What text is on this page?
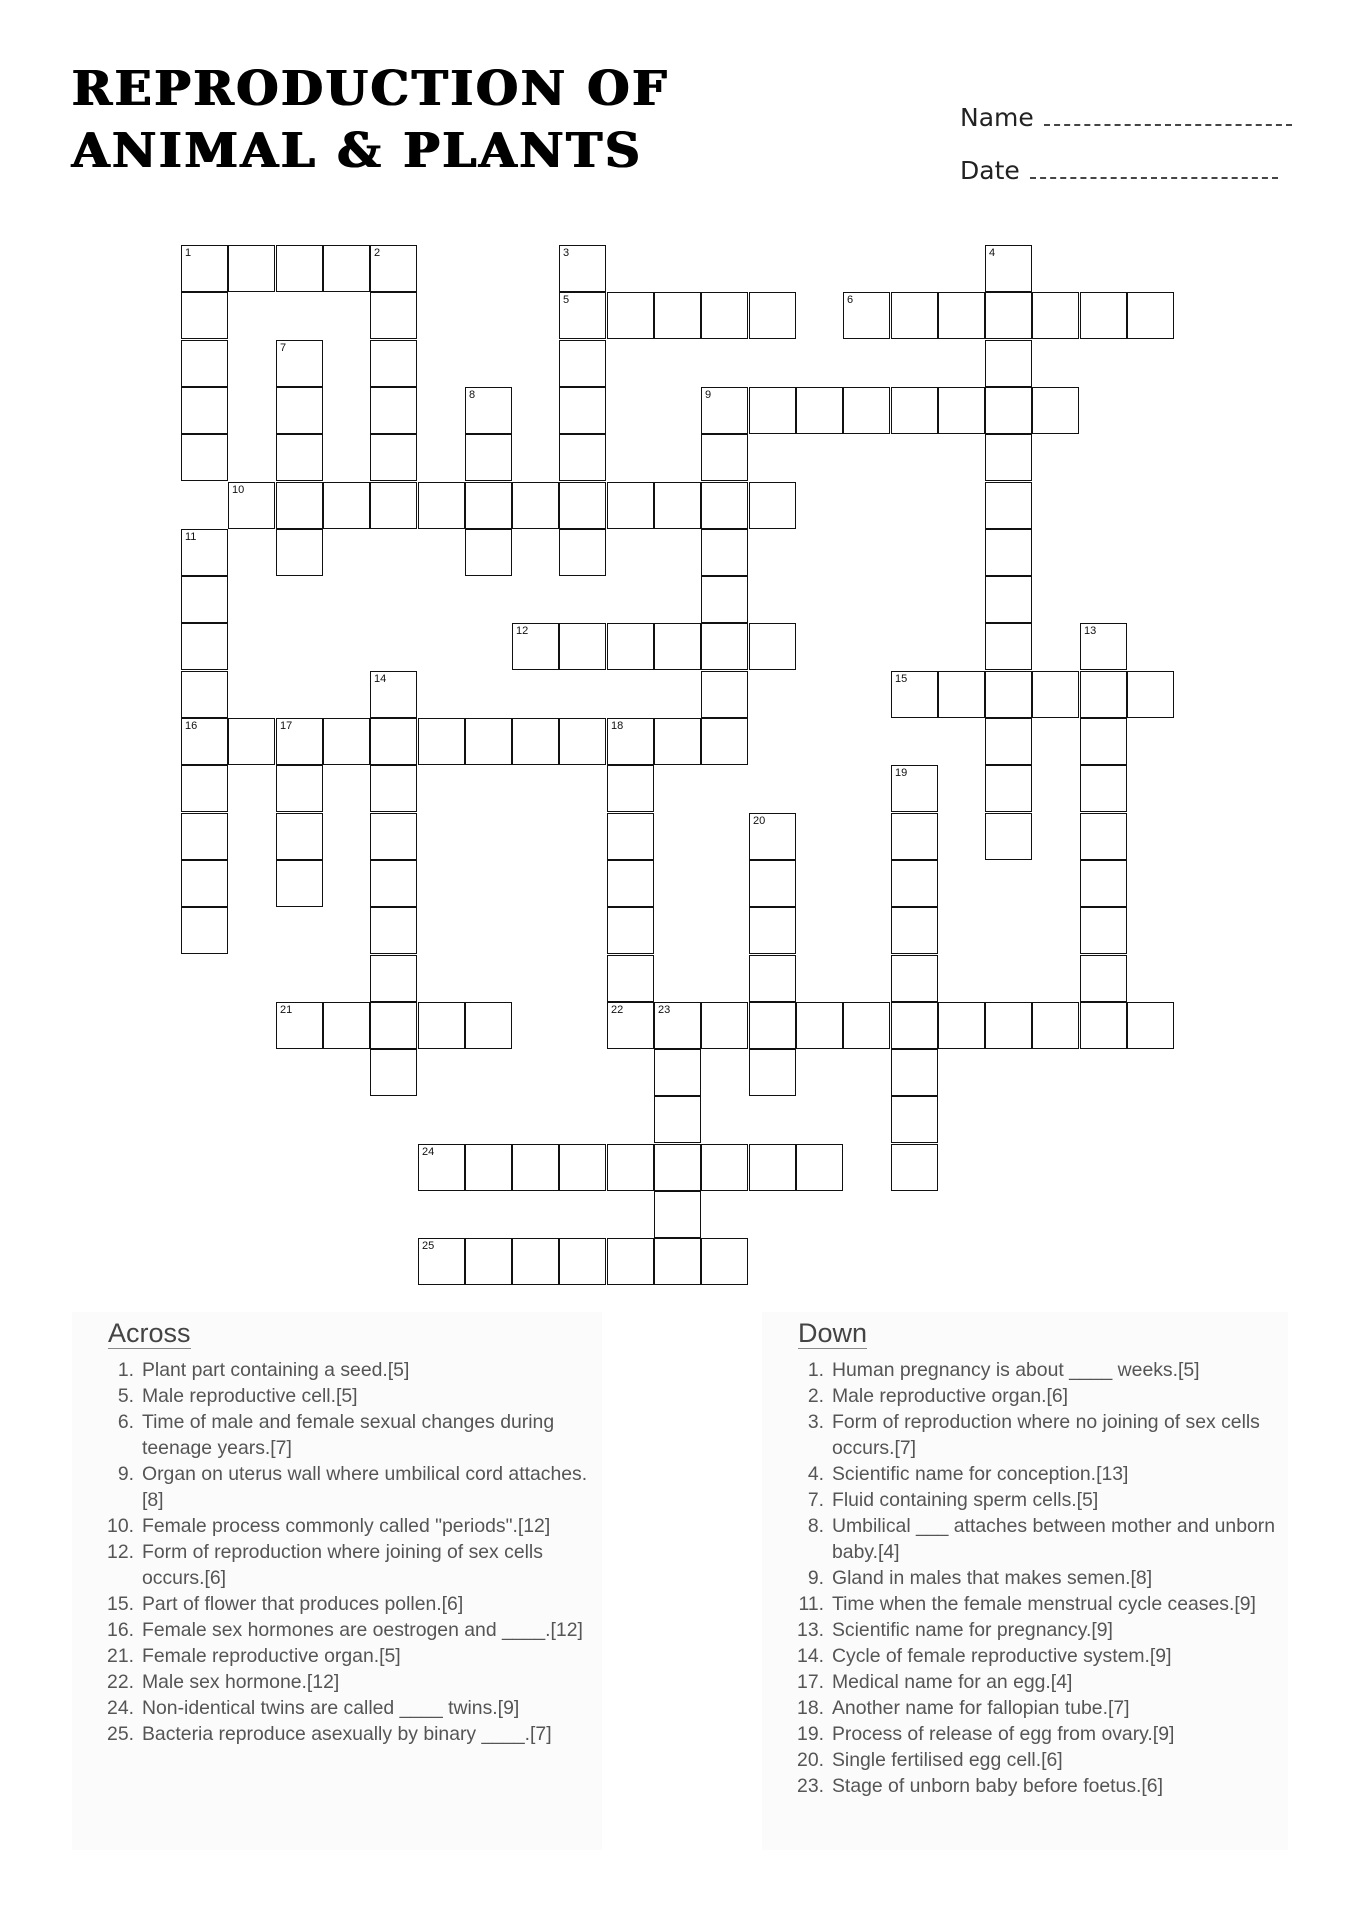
REPRODUCTION OF
ANIMAL & PLANTS
Name
Date
1	2
5	6
9
10
12
15
16	17	18
21	22	23
24
25
3	4
7
8
11
13
14
19
20
Across
1. Plant part containing a seed.[5]
5. Male reproductive cell.[5]
6. Time of male and female sexual changes during teenage years.[7]
9. Organ on uterus wall where umbilical cord attaches.[8]
10. Female process commonly called "periods".[12]
12. Form of reproduction where joining of sex cells occurs.[6]
15. Part of flower that produces pollen.[6]
16. Female sex hormones are oestrogen and ____.[12]
21. Female reproductive organ.[5]
22. Male sex hormone.[12]
24. Non-identical twins are called ____ twins.[9]
25. Bacteria reproduce asexually by binary ____.[7]
Down
1. Human pregnancy is about ____ weeks.[5]
2. Male reproductive organ.[6]
3. Form of reproduction where no joining of sex cells occurs.[7]
4. Scientific name for conception.[13]
7. Fluid containing sperm cells.[5]
8. Umbilical ___ attaches between mother and unborn baby.[4]
9. Gland in males that makes semen.[8]
11. Time when the female menstrual cycle ceases.[9]
13. Scientific name for pregnancy.[9]
14. Cycle of female reproductive system.[9]
17. Medical name for an egg.[4]
18. Another name for fallopian tube.[7]
19. Process of release of egg from ovary.[9]
20. Single fertilised egg cell.[6]
23. Stage of unborn baby before foetus.[6]
